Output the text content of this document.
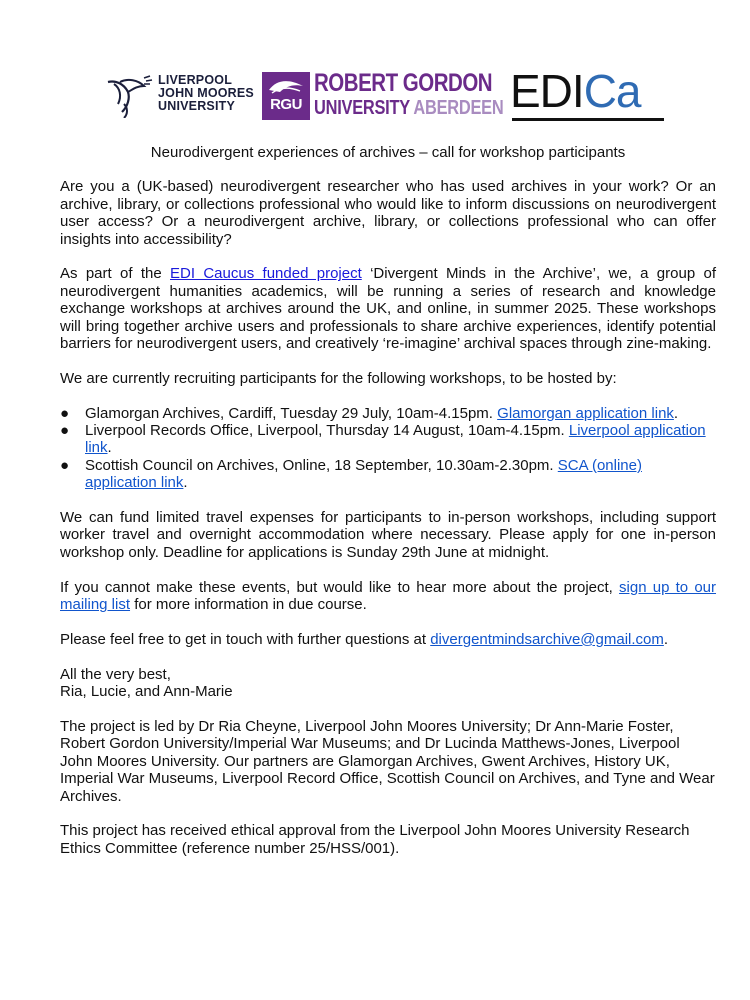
LIVERPOOL
JOHN MOORES
UNIVERSITY	RGU
ROBERT GORDON
UNIVERSITY ABERDEEN EDICa
Neurodivergent experiences of archives – call for workshop participants

Are you a (UK-based) neurodivergent researcher who has used archives in your work? Or an archive, library, or collections professional who would like to inform discussions on neurodivergent user access? Or a neurodivergent archive, library, or collections professional who can offer insights into accessibility?

As part of the EDI Caucus funded project ‘Divergent Minds in the Archive’, we, a group of neurodivergent humanities academics, will be running a series of research and knowledge exchange workshops at archives around the UK, and online, in summer 2025. These workshops will bring together archive users and professionals to share archive experiences, identify potential barriers for neurodivergent users, and creatively ‘re-imagine’ archival spaces through zine-making.

We are currently recruiting participants for the following workshops, to be hosted by:

● Glamorgan Archives, Cardiff, Tuesday 29 July, 10am-4.15pm. Glamorgan application link.
● Liverpool Records Office, Liverpool, Thursday 14 August, 10am-4.15pm. Liverpool application link.
● Scottish Council on Archives, Online, 18 September, 10.30am-2.30pm. SCA (online) application link.

We can fund limited travel expenses for participants to in-person workshops, including support worker travel and overnight accommodation where necessary. Please apply for one in-person workshop only. Deadline for applications is Sunday 29th June at midnight.

If you cannot make these events, but would like to hear more about the project, sign up to our mailing list for more information in due course.

Please feel free to get in touch with further questions at divergentmindsarchive@gmail.com.

All the very best,
Ria, Lucie, and Ann-Marie

The project is led by Dr Ria Cheyne, Liverpool John Moores University; Dr Ann-Marie Foster, Robert Gordon University/Imperial War Museums; and Dr Lucinda Matthews-Jones, Liverpool John Moores University. Our partners are Glamorgan Archives, Gwent Archives, History UK, Imperial War Museums, Liverpool Record Office, Scottish Council on Archives, and Tyne and Wear Archives.

This project has received ethical approval from the Liverpool John Moores University Research Ethics Committee (reference number 25/HSS/001).
